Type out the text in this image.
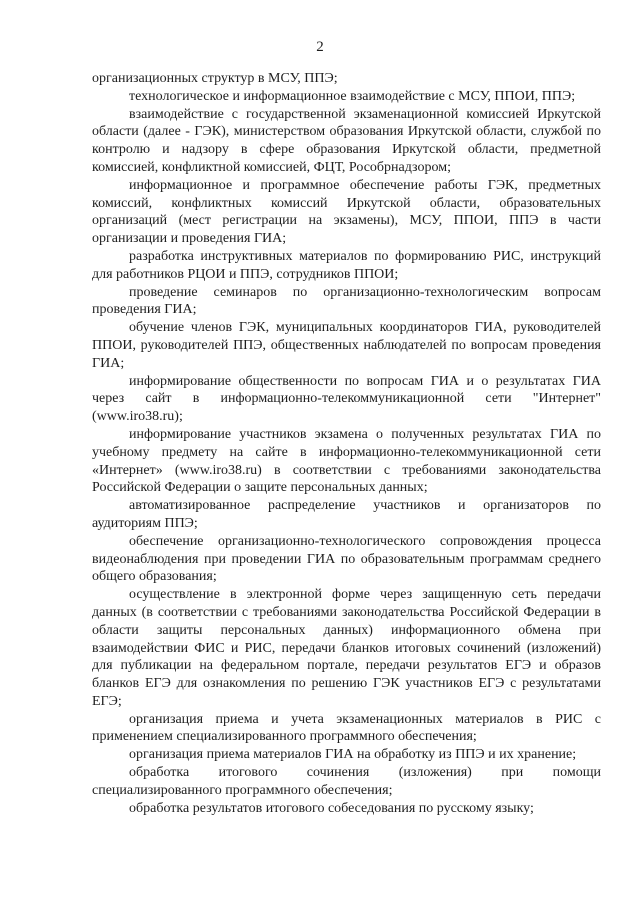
2

организационных структур в МСУ, ППЭ;

технологическое и информационное взаимодействие с МСУ, ППОИ, ППЭ;

взаимодействие с государственной экзаменационной комиссией Иркутской области (далее - ГЭК), министерством образования Иркутской области, службой по контролю и надзору в сфере образования Иркутской области, предметной комиссией, конфликтной комиссией, ФЦТ, Рособрнадзором;

информационное и программное обеспечение работы ГЭК, предметных комиссий, конфликтных комиссий Иркутской области, образовательных организаций (мест регистрации на экзамены), МСУ, ППОИ, ППЭ в части организации и проведения ГИА;

разработка инструктивных материалов по формированию РИС, инструкций для работников РЦОИ и ППЭ, сотрудников ППОИ;

проведение семинаров по организационно-технологическим вопросам проведения ГИА;

обучение членов ГЭК, муниципальных координаторов ГИА, руководителей ППОИ, руководителей ППЭ, общественных наблюдателей по вопросам проведения ГИА;

информирование общественности по вопросам ГИА и о результатах ГИА через сайт в информационно-телекоммуникационной сети "Интернет" (www.iro38.ru);

информирование участников экзамена о полученных результатах ГИА по учебному предмету на сайте в информационно-телекоммуникационной сети «Интернет» (www.iro38.ru) в соответствии с требованиями законодательства Российской Федерации о защите персональных данных;

автоматизированное распределение участников и организаторов по аудиториям ППЭ;

обеспечение организационно-технологического сопровождения процесса видеонаблюдения при проведении ГИА по образовательным программам среднего общего образования;

осуществление в электронной форме через защищенную сеть передачи данных (в соответствии с требованиями законодательства Российской Федерации в области защиты персональных данных) информационного обмена при взаимодействии ФИС и РИС, передачи бланков итоговых сочинений (изложений) для публикации на федеральном портале, передачи результатов ЕГЭ и образов бланков ЕГЭ для ознакомления по решению ГЭК участников ЕГЭ с результатами ЕГЭ;

организация приема и учета экзаменационных материалов в РИС с применением специализированного программного обеспечения;

организация приема материалов ГИА на обработку из ППЭ и их хранение;

обработка итогового сочинения (изложения) при помощи специализированного программного обеспечения;

обработка результатов итогового собеседования по русскому языку;
